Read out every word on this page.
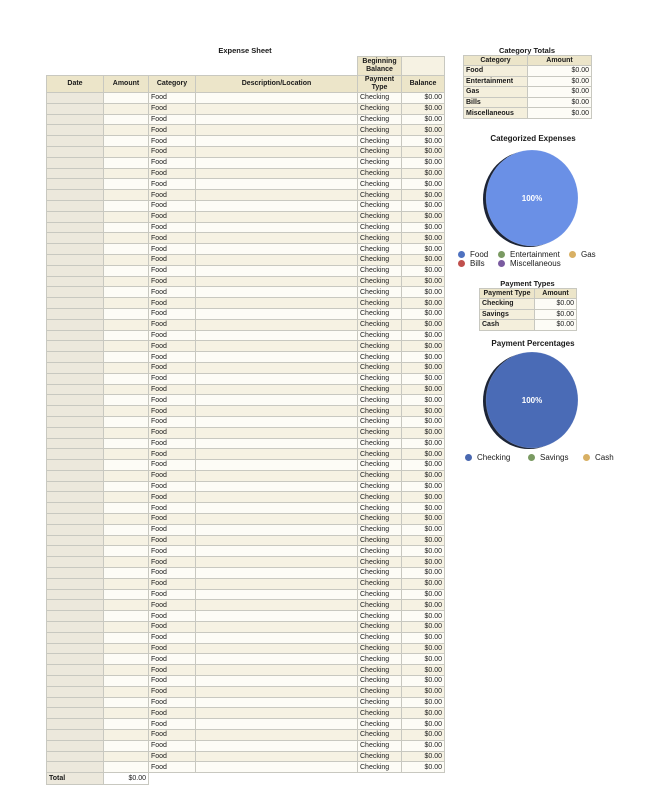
Expense Sheet
				Beginning Balance	
Date	Amount	Category	Description/Location	Payment Type	Balance
		Food		Checking	$0.00
		Food		Checking	$0.00
		Food		Checking	$0.00
		Food		Checking	$0.00
		Food		Checking	$0.00
		Food		Checking	$0.00
		Food		Checking	$0.00
		Food		Checking	$0.00
		Food		Checking	$0.00
		Food		Checking	$0.00
		Food		Checking	$0.00
		Food		Checking	$0.00
		Food		Checking	$0.00
		Food		Checking	$0.00
		Food		Checking	$0.00
		Food		Checking	$0.00
		Food		Checking	$0.00
		Food		Checking	$0.00
		Food		Checking	$0.00
		Food		Checking	$0.00
		Food		Checking	$0.00
		Food		Checking	$0.00
		Food		Checking	$0.00
		Food		Checking	$0.00
		Food		Checking	$0.00
		Food		Checking	$0.00
		Food		Checking	$0.00
		Food		Checking	$0.00
		Food		Checking	$0.00
		Food		Checking	$0.00
		Food		Checking	$0.00
		Food		Checking	$0.00
		Food		Checking	$0.00
		Food		Checking	$0.00
		Food		Checking	$0.00
		Food		Checking	$0.00
		Food		Checking	$0.00
		Food		Checking	$0.00
		Food		Checking	$0.00
		Food		Checking	$0.00
		Food		Checking	$0.00
		Food		Checking	$0.00
		Food		Checking	$0.00
		Food		Checking	$0.00
		Food		Checking	$0.00
		Food		Checking	$0.00
		Food		Checking	$0.00
		Food		Checking	$0.00
		Food		Checking	$0.00
		Food		Checking	$0.00
		Food		Checking	$0.00
		Food		Checking	$0.00
		Food		Checking	$0.00
		Food		Checking	$0.00
		Food		Checking	$0.00
		Food		Checking	$0.00
		Food		Checking	$0.00
		Food		Checking	$0.00
		Food		Checking	$0.00
		Food		Checking	$0.00
		Food		Checking	$0.00
		Food		Checking	$0.00
		Food		Checking	$0.00
Total	$0.00				
Category Totals
Category	Amount
Food	$0.00
Entertainment	$0.00
Gas	$0.00
Bills	$0.00
Miscellaneous	$0.00
Categorized Expenses
100%
Food	Entertainment	Gas
Bills	Miscellaneous
Payment Types
Payment Type	Amount
Checking	$0.00
Savings	$0.00
Cash	$0.00
Payment Percentages
100%
Checking	Savings	Cash
